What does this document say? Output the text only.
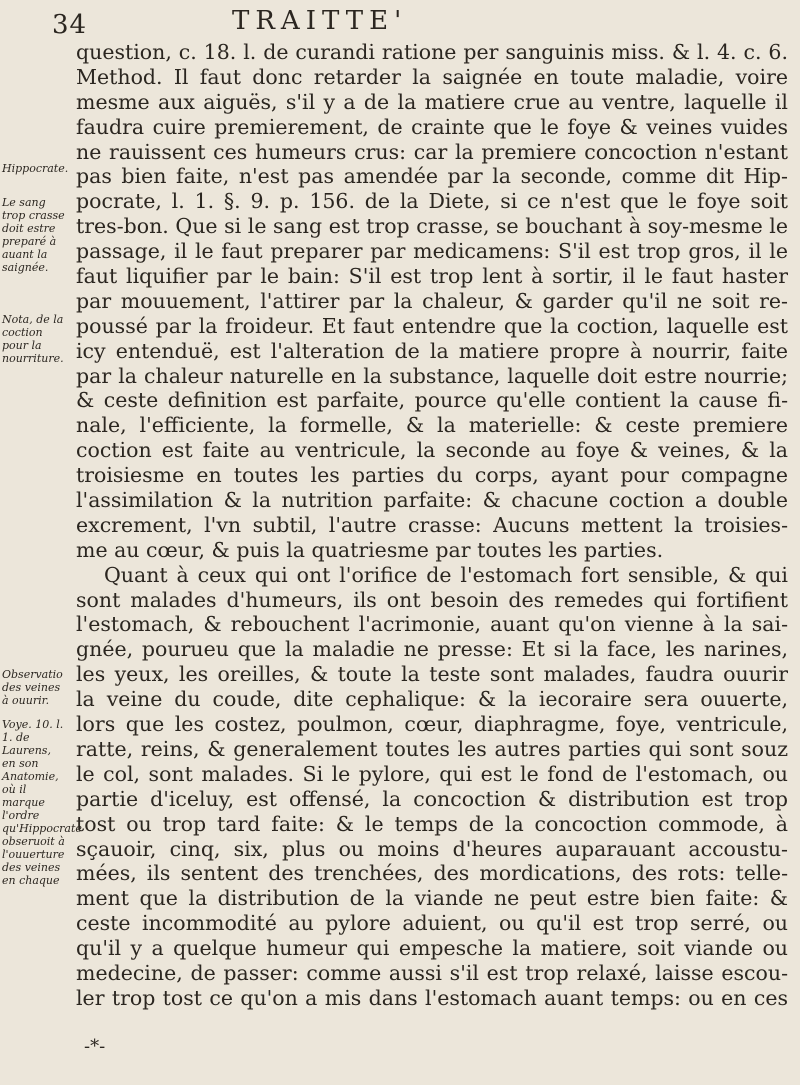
34	TRAITTE'
Hippocrate.
Le sang trop crasse doit estre preparé à auant la saignée.
Nota, de la coction pour la nourriture.
Observatio des veines à ouurir.
Voye. 10. l. 1. de Laurens, en son Anatomie, où il marque l'ordre qu'Hippocrate obseruoit à l'ouuerture des veines en chaque
question, c. 18. l. de curandi ratione per sanguinis miss. & l. 4. c. 6.
Method. Il faut donc retarder la saignée en toute maladie, voire
mesme aux aiguës, s'il y a de la matiere crue au ventre, laquelle il
faudra cuire premierement, de crainte que le foye & veines vuides
ne rauissent ces humeurs crus: car la premiere concoction n'estant
pas bien faite, n'est pas amendée par la seconde, comme dit Hip-
pocrate, l. 1. §. 9. p. 156. de la Diete, si ce n'est que le foye soit
tres-bon. Que si le sang est trop crasse, se bouchant à soy-mesme le
passage, il le faut preparer par medicamens: S'il est trop gros, il le
faut liquifier par le bain: S'il est trop lent à sortir, il le faut haster
par mouuement, l'attirer par la chaleur, & garder qu'il ne soit re-
poussé par la froideur. Et faut entendre que la coction, laquelle est
icy entenduë, est l'alteration de la matiere propre à nourrir, faite
par la chaleur naturelle en la substance, laquelle doit estre nourrie;
& ceste definition est parfaite, pource qu'elle contient la cause fi-
nale, l'efficiente, la formelle, & la materielle: & ceste premiere
coction est faite au ventricule, la seconde au foye & veines, & la
troisiesme en toutes les parties du corps, ayant pour compagne
l'assimilation & la nutrition parfaite: & chacune coction a double
excrement, l'vn subtil, l'autre crasse: Aucuns mettent la troisies-
me au cœur, & puis la quatriesme par toutes les parties.
Quant à ceux qui ont l'orifice de l'estomach fort sensible, & qui
sont malades d'humeurs, ils ont besoin des remedes qui fortifient
l'estomach, & rebouchent l'acrimonie, auant qu'on vienne à la sai-
gnée, pourueu que la maladie ne presse: Et si la face, les narines,
les yeux, les oreilles, & toute la teste sont malades, faudra ouurir
la veine du coude, dite cephalique: & la iecoraire sera ouuerte,
lors que les costez, poulmon, cœur, diaphragme, foye, ventricule,
ratte, reins, & generalement toutes les autres parties qui sont souz
le col, sont malades. Si le pylore, qui est le fond de l'estomach, ou
partie d'iceluy, est offensé, la concoction & distribution est trop
tost ou trop tard faite: & le temps de la concoction commode, à
sçauoir, cinq, six, plus ou moins d'heures auparauant accoustu-
mées, ils sentent des trenchées, des mordications, des rots: telle-
ment que la distribution de la viande ne peut estre bien faite: &
ceste incommodité au pylore aduient, ou qu'il est trop serré, ou
qu'il y a quelque humeur qui empesche la matiere, soit viande ou
medecine, de passer: comme aussi s'il est trop relaxé, laisse escou-
ler trop tost ce qu'on a mis dans l'estomach auant temps: ou en ces
-*-
